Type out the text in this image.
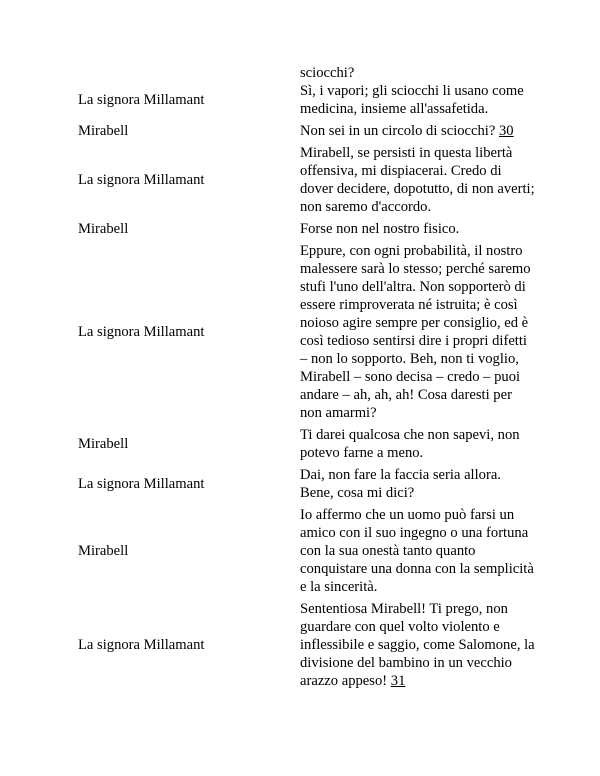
sciocchi?
La signora Millamant
Sì, i vapori; gli sciocchi li usano come medicina, insieme all'assafetida.
Mirabell	Non sei in un circolo di sciocchi? 30
La signora Millamant
Mirabell, se persisti in questa libertà offensiva, mi dispiacerai. Credo di dover decidere, dopotutto, di non averti; non saremo d'accordo.
Mirabell	Forse non nel nostro fisico.
La signora Millamant
Eppure, con ogni probabilità, il nostro malessere sarà lo stesso; perché saremo stufi l'uno dell'altra. Non sopporterò di essere rimproverata né istruita; è così noioso agire sempre per consiglio, ed è così tedioso sentirsi dire i propri difetti – non lo sopporto. Beh, non ti voglio, Mirabell – sono decisa – credo – puoi andare – ah, ah, ah! Cosa daresti per non amarmi?
Mirabell
Ti darei qualcosa che non sapevi, non potevo farne a meno.
La signora Millamant
Dai, non fare la faccia seria allora. Bene, cosa mi dici?
Mirabell
Io affermo che un uomo può farsi un amico con il suo ingegno o una fortuna con la sua onestà tanto quanto conquistare una donna con la semplicità e la sincerità.
La signora Millamant
Sententiosa Mirabell! Ti prego, non guardare con quel volto violento e inflessibile e saggio, come Salomone, la divisione del bambino in un vecchio arazzo appeso! 31
